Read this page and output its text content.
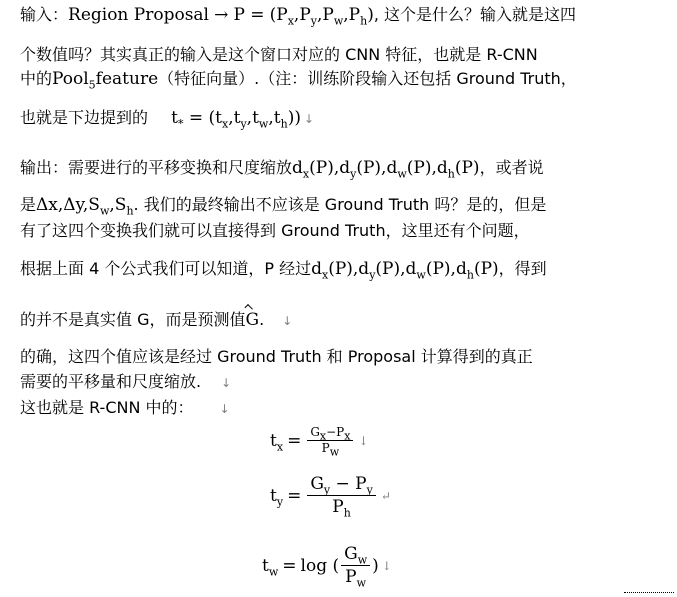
输入：Region Proposal → $P = (P_x,P_y,P_w,P_h)$, 这个是什么？输入就是这四
个数值吗？其实真正的输入是这个窗口对应的 CNN 特征，也就是 R-CNN
中的Pool$_5$feature（特征向量）.（注：训练阶段输入还包括 Ground Truth，
也就是下边提到的 $t_* = (t_x,t_y,t_w,t_h)$) ↓
输出：需要进行的平移变换和尺度缩放$d_x(P),d_y(P),d_w(P),d_h(P)$，或者说
是$\Delta x,\Delta y,S_w,S_h$. 我们的最终输出不应该是 Ground Truth 吗？是的，但是
有了这四个变换我们就可以直接得到 Ground Truth，这里还有个问题，
根据上面 4 个公式我们可以知道，P 经过$d_x(P),d_y(P),d_w(P),d_h(P)$，得到
的并不是真实值 G，而是预测值G. ↓
的确，这四个值应该是经过 Ground Truth 和 Proposal 计算得到的真正
需要的平移量和尺度缩放. ↓
这也就是 R-CNN 中的： ↓
$t_x = \frac{G_x-P_x}{P_w}$ ↓
$t_y = \frac{G_y - P_y}{P_h}$ ↵
$t_w = \log$ ( $\frac{G_w}{P_w}$ ) ↓
